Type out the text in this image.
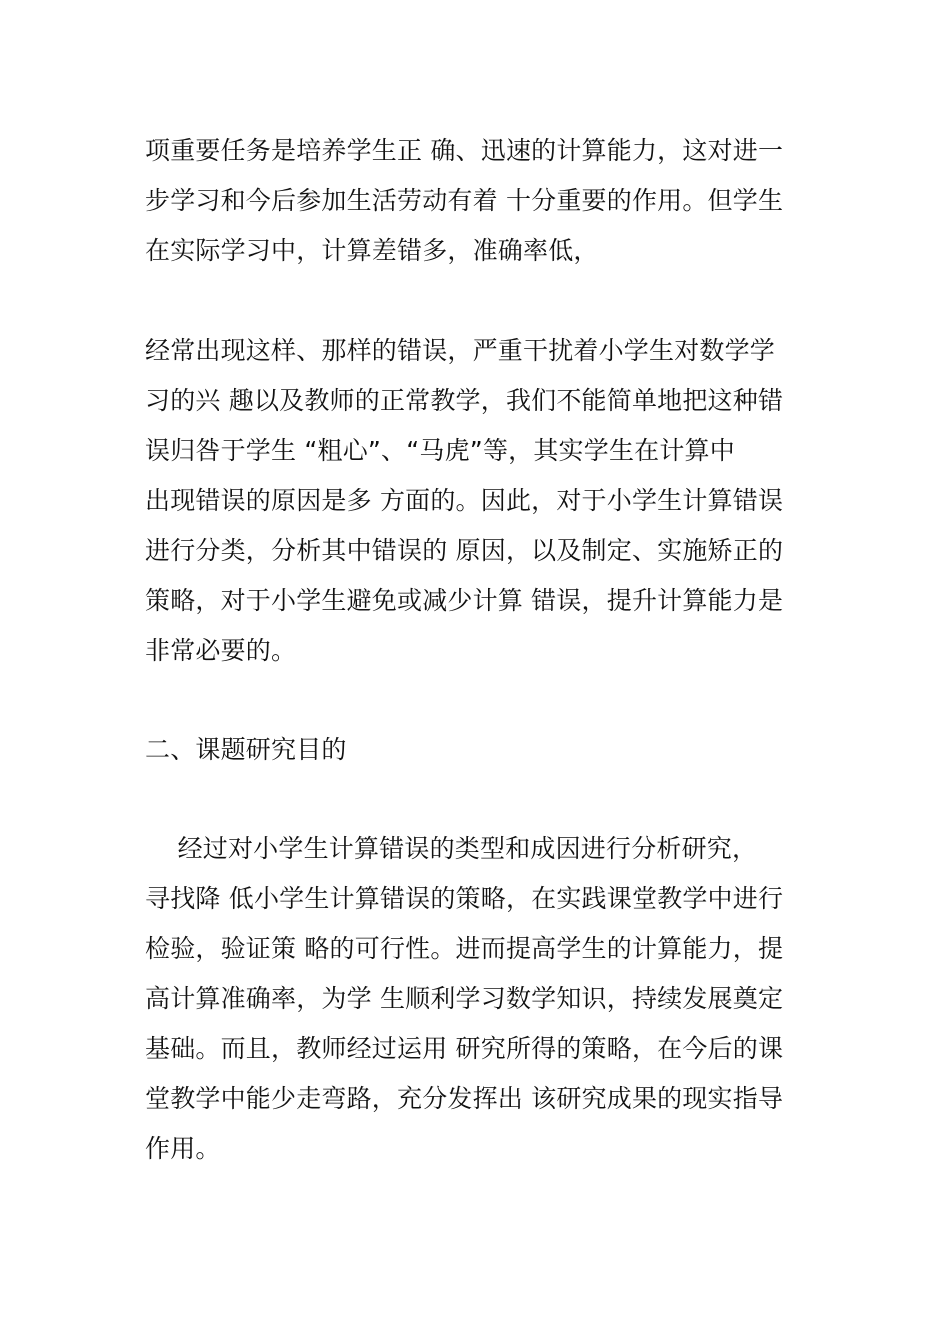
项重要任务是培养学生正 确、迅速的计算能力，这对进一
步学习和今后参加生活劳动有着 十分重要的作用。但学生
在实际学习中，计算差错多，准确率低，
经常出现这样、那样的错误，严重干扰着小学生对数学学
习的兴 趣以及教师的正常教学，我们不能简单地把这种错
误归咎于学生 “粗心”、“马虎”等，其实学生在计算中
出现错误的原因是多 方面的。因此，对于小学生计算错误
进行分类，分析其中错误的 原因，以及制定、实施矫正的
策略，对于小学生避免或减少计算 错误，提升计算能力是
非常必要的。
二、课题研究目的
经过对小学生计算错误的类型和成因进行分析研究，
寻找降 低小学生计算错误的策略，在实践课堂教学中进行
检验，验证策 略的可行性。进而提高学生的计算能力，提
高计算准确率，为学 生顺利学习数学知识，持续发展奠定
基础。而且，教师经过运用 研究所得的策略，在今后的课
堂教学中能少走弯路，充分发挥出 该研究成果的现实指导
作用。
